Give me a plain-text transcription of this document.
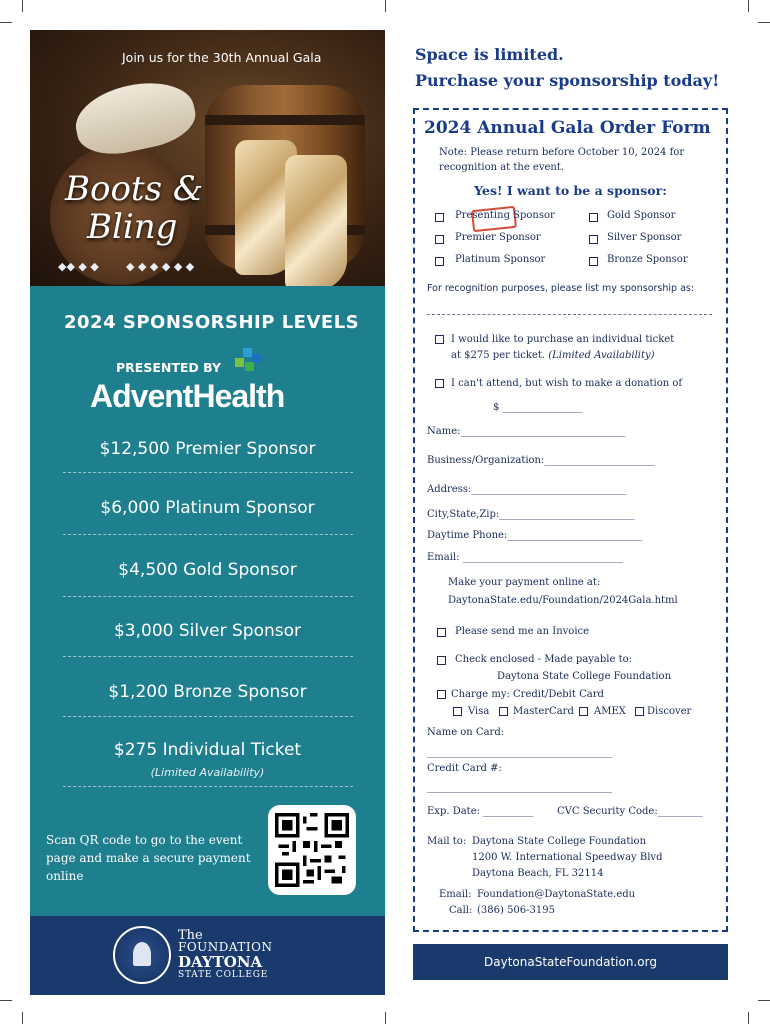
Join us for the 30th Annual Gala
Boots &
Bling
◆◆ ◆ ◆ ◆ ◆ ◆ ◆ ◆ ◆
2024 SPONSORSHIP LEVELS
PRESENTED BY
AdventHealth
$12,500 Premier Sponsor
$6,000 Platinum Sponsor
$4,500 Gold Sponsor
$3,000 Silver Sponsor
$1,200 Bronze Sponsor
$275 Individual Ticket
(Limited Availability)
Scan QR code to go to the event page and make a secure payment online
The
FOUNDATION
DAYTONA
STATE COLLEGE
Space is limited.
Purchase your sponsorship today!
2024 Annual Gala Order Form
Note: Please return before October 10, 2024 for recognition at the event.
Yes! I want to be a sponsor:
Presenting Sponsor	Gold Sponsor
Premier Sponsor	Silver Sponsor
Platinum Sponsor	Bronze Sponsor
For recognition purposes, please list my sponsorship as:
I would like to purchase an individual ticket
at $275 per ticket. (Limited Availability)
I can't attend, but wish to make a donation of
$ ________________
Name:_________________________________
Business/Organization:______________________
Address:_______________________________
City,State,Zip:___________________________
Daytime Phone:___________________________
Email: ________________________________
Make your payment online at:
DaytonaState.edu/Foundation/2024Gala.html
Please send me an Invoice
Check enclosed - Made payable to:
Daytona State College Foundation
Charge my: Credit/Debit Card
Visa MasterCard AMEX Discover
Name on Card:
_____________________________________
Credit Card #:
_____________________________________
Exp. Date: __________ CVC Security Code:_________
Mail to: Daytona State College Foundation
1200 W. International Speedway Blvd
Daytona Beach, FL 32114
Email: Foundation@DaytonaState.edu
Call: (386) 506-3195
DaytonaStateFoundation.org
